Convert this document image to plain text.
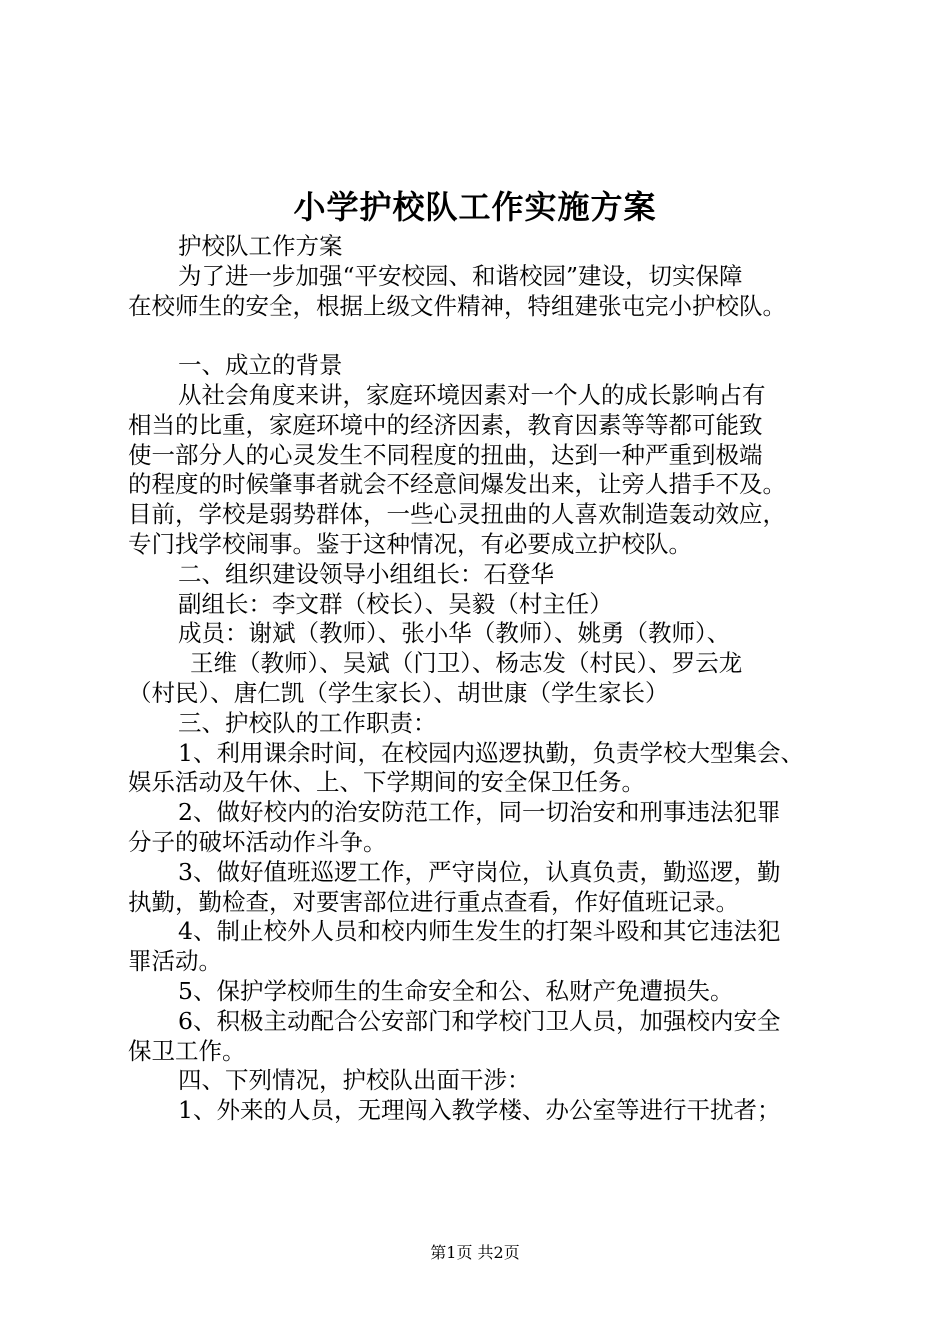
小学护校队工作实施方案
护校队工作方案
为了进一步加强“平安校园、和谐校园”建设，切实保障
在校师生的安全，根据上级文件精神，特组建张屯完小护校队。
一、成立的背景
从社会角度来讲，家庭环境因素对一个人的成长影响占有
相当的比重，家庭环境中的经济因素，教育因素等等都可能致
使一部分人的心灵发生不同程度的扭曲，达到一种严重到极端
的程度的时候肇事者就会不经意间爆发出来，让旁人措手不及。
目前，学校是弱势群体，一些心灵扭曲的人喜欢制造轰动效应，
专门找学校闹事。鉴于这种情况，有必要成立护校队。
二、组织建设领导小组组长：石登华
副组长：李文群（校长）、吴毅（村主任）
成员：谢斌（教师）、张小华（教师）、姚勇（教师）、
王维（教师）、吴斌（门卫）、杨志发（村民）、罗云龙
（村民）、唐仁凯（学生家长）、胡世康（学生家长）
三、护校队的工作职责：
1、利用课余时间，在校园内巡逻执勤，负责学校大型集会、
娱乐活动及午休、上、下学期间的安全保卫任务。
2、做好校内的治安防范工作，同一切治安和刑事违法犯罪
分子的破坏活动作斗争。
3、做好值班巡逻工作，严守岗位，认真负责，勤巡逻，勤
执勤，勤检查，对要害部位进行重点查看，作好值班记录。
4、制止校外人员和校内师生发生的打架斗殴和其它违法犯
罪活动。
5、保护学校师生的生命安全和公、私财产免遭损失。
6、积极主动配合公安部门和学校门卫人员，加强校内安全
保卫工作。
四、下列情况，护校队出面干涉：
1、外来的人员，无理闯入教学楼、办公室等进行干扰者；
第1页 共2页
